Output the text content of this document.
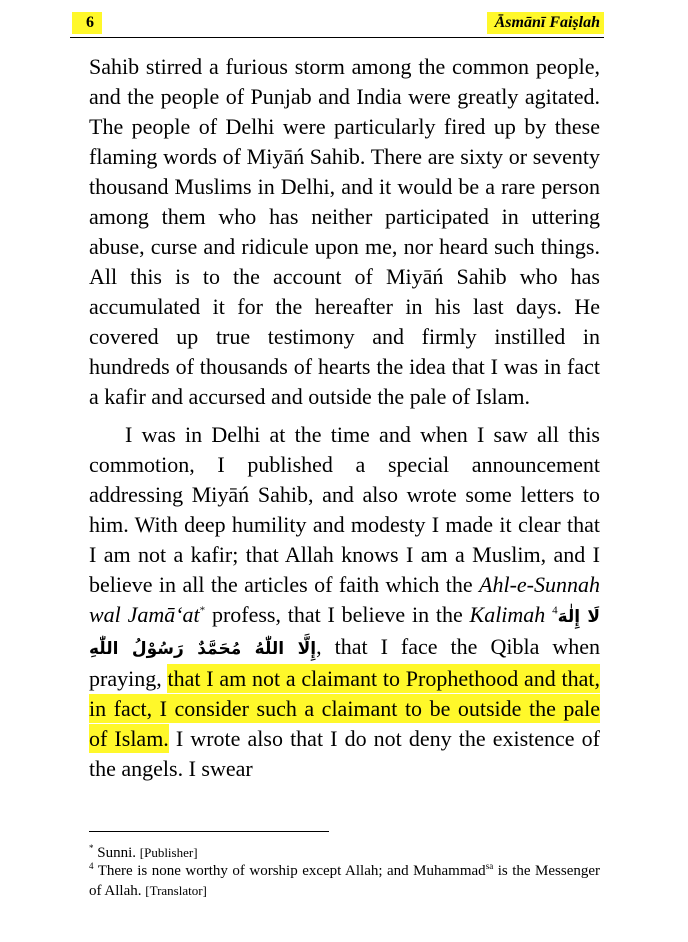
6	Āsmānī Faiṣlah

Sahib stirred a furious storm among the common people, and the people of Punjab and India were greatly agitated. The people of Delhi were particularly fired up by these flaming words of Miyāń Sahib. There are sixty or seventy thousand Muslims in Delhi, and it would be a rare person among them who has neither participated in uttering abuse, curse and ridicule upon me, nor heard such things. All this is to the account of Miyāń Sahib who has accumulated it for the hereafter in his last days. He covered up true testimony and firmly instilled in hundreds of thousands of hearts the idea that I was in fact a kafir and accursed and outside the pale of Islam.

I was in Delhi at the time and when I saw all this commotion, I published a special announcement addressing Miyāń Sahib, and also wrote some letters to him. With deep humility and modesty I made it clear that I am not a kafir; that Allah knows I am a Muslim, and I believe in all the articles of faith which the Ahl-e-Sunnah wal Jamā‘at* profess, that I believe in the Kalimah $^4$لَا إِلٰهَ إِلَّا اللّٰهُ مُحَمَّدٌ رَسُوْلُ اللّٰهِ, that I face the Qibla when praying, that I am not a claimant to Prophethood and that, in fact, I consider such a claimant to be outside the pale of Islam. I wrote also that I do not deny the existence of the angels. I swear

* Sunni. [Publisher]
$^4$ There is none worthy of worship except Allah; and Muhammad$^{sa}$ is the Messenger of Allah. [Translator]
